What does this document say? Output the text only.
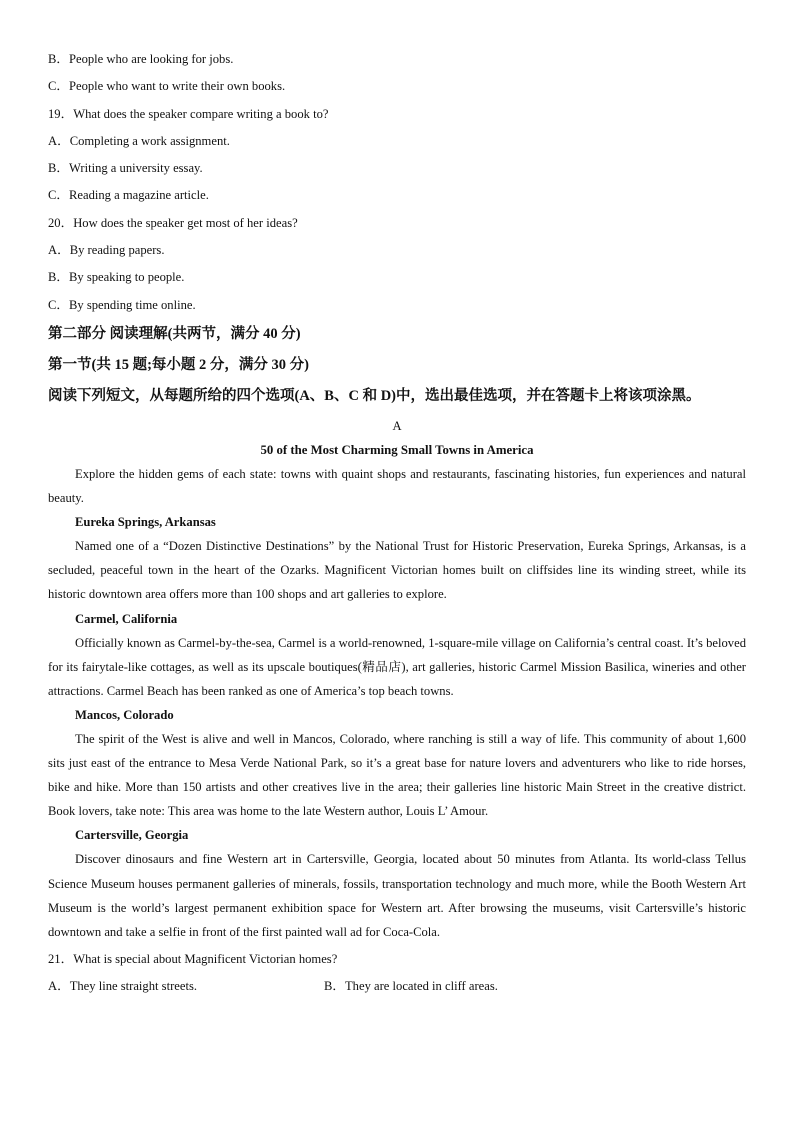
B．People who are looking for jobs.
C．People who want to write their own books.
19．What does the speaker compare writing a book to?
A．Completing a work assignment.
B．Writing a university essay.
C．Reading a magazine article.
20．How does the speaker get most of her ideas?
A．By reading papers.
B．By speaking to people.
C．By spending time online.
第二部分 阅读理解(共两节，满分 40 分)
第一节(共 15 题;每小题 2 分，满分 30 分)
阅读下列短文，从每题所给的四个选项(A、B、C 和 D)中，选出最佳选项，并在答题卡上将该项涂黑。
A
50 of the Most Charming Small Towns in America

Explore the hidden gems of each state: towns with quaint shops and restaurants, fascinating histories, fun experiences and natural beauty.

Eureka Springs, Arkansas

Named one of a “Dozen Distinctive Destinations” by the National Trust for Historic Preservation, Eureka Springs, Arkansas, is a secluded, peaceful town in the heart of the Ozarks. Magnificent Victorian homes built on cliffsides line its winding street, while its historic downtown area offers more than 100 shops and art galleries to explore.

Carmel, California

Officially known as Carmel-by-the-sea, Carmel is a world-renowned, 1-square-mile village on California’s central coast. It’s beloved for its fairytale-like cottages, as well as its upscale boutiques(精品店), art galleries, historic Carmel Mission Basilica, wineries and other attractions. Carmel Beach has been ranked as one of America’s top beach towns.

Mancos, Colorado

The spirit of the West is alive and well in Mancos, Colorado, where ranching is still a way of life. This community of about 1,600 sits just east of the entrance to Mesa Verde National Park, so it’s a great base for nature lovers and adventurers who like to ride horses, bike and hike. More than 150 artists and other creatives live in the area; their galleries line historic Main Street in the creative district. Book lovers, take note: This area was home to the late Western author, Louis L’ Amour.

Cartersville, Georgia

Discover dinosaurs and fine Western art in Cartersville, Georgia, located about 50 minutes from Atlanta. Its world-class Tellus Science Museum houses permanent galleries of minerals, fossils, transportation technology and much more, while the Booth Western Art Museum is the world’s largest permanent exhibition space for Western art. After browsing the museums, visit Cartersville’s historic downtown and take a selfie in front of the first painted wall ad for Coca-Cola.

21．What is special about Magnificent Victorian homes?
A．They line straight streets.	B．They are located in cliff areas.
